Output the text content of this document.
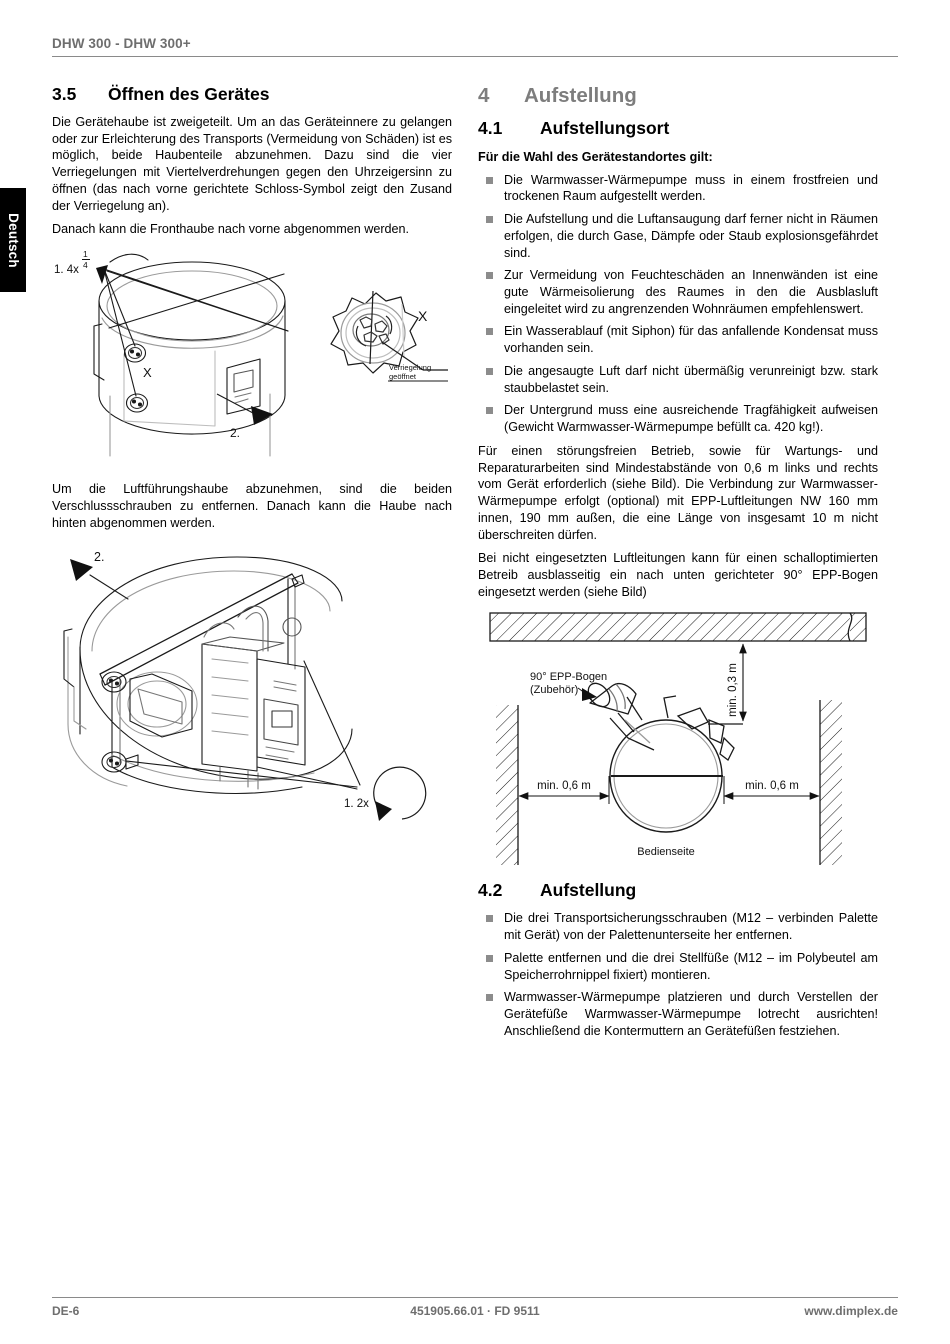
Deutsch
DHW 300 - DHW 300+
3.5	Öffnen des Gerätes

Die Gerätehaube ist zweigeteilt. Um an das Geräteinnere zu gelangen oder zur Erleichterung des Transports (Vermeidung von Schäden) ist es möglich, beide Haubenteile abzunehmen. Dazu sind die vier Verriegelungen mit Viertelverdrehungen gegen den Uhrzeigersinn zu öffnen (das nach vorne gerichtete Schloss-Symbol zeigt den Zusand der Verriegelung an).

Danach kann die Fronthaube nach vorne abgenommen werden.

1. 4x
1
4
X
2.
X
Verriegelung
geöffnet

Um die Luftführungshaube abzunehmen, sind die beiden Verschlussschrauben zu entfernen. Danach kann die Haube nach hinten abgenommen werden.

2.
1. 2x
4	Aufstellung
4.1	Aufstellungsort
Für die Wahl des Gerätestandortes gilt:
Die Warmwasser-Wärmepumpe muss in einem frostfreien und trockenen Raum aufgestellt werden.
Die Aufstellung und die Luftansaugung darf ferner nicht in Räumen erfolgen, die durch Gase, Dämpfe oder Staub explosionsgefährdet sind.
Zur Vermeidung von Feuchteschäden an Innenwänden ist eine gute Wärmeisolierung des Raumes in den die Ausblasluft eingeleitet wird zu angrenzenden Wohnräumen empfehlenswert.
Ein Wasserablauf (mit Siphon) für das anfallende Kondensat muss vorhanden sein.
Die angesaugte Luft darf nicht übermäßig verunreinigt bzw. stark staubbelastet sein.
Der Untergrund muss eine ausreichende Tragfähigkeit aufweisen (Gewicht Warmwasser-Wärmepumpe befüllt ca. 420 kg!).

Für einen störungsfreien Betrieb, sowie für Wartungs- und Reparaturarbeiten sind Mindestabstände von 0,6 m links und rechts vom Gerät erforderlich (siehe Bild). Die Verbindung zur Warmwasser-Wärmepumpe erfolgt (optional) mit EPP-Luftleitungen NW 160 mm innen, 190 mm außen, die eine Länge von insgesamt 10 m nicht überschreiten dürfen.

Bei nicht eingesetzten Luftleitungen kann für einen schalloptimierten Betreib ausblasseitig ein nach unten gerichteter 90° EPP-Bogen eingesetzt werden (siehe Bild)

min. 0,3 m
min. 0,6 m	min. 0,6 m
90° EPP-Bogen
(Zubehör)
Bedienseite
4.2	Aufstellung
Die drei Transportsicherungsschrauben (M12 – verbinden Palette mit Gerät) von der Palettenunterseite her entfernen.
Palette entfernen und die drei Stellfüße (M12 – im Polybeutel am Speicherrohrnippel fixiert) montieren.
Warmwasser-Wärmepumpe platzieren und durch Verstellen der Gerätefüße Warmwasser-Wärmepumpe lotrecht ausrichten! Anschließend die Kontermuttern an Gerätefüßen festziehen.
DE-6	451905.66.01 · FD 9511	www.dimplex.de
